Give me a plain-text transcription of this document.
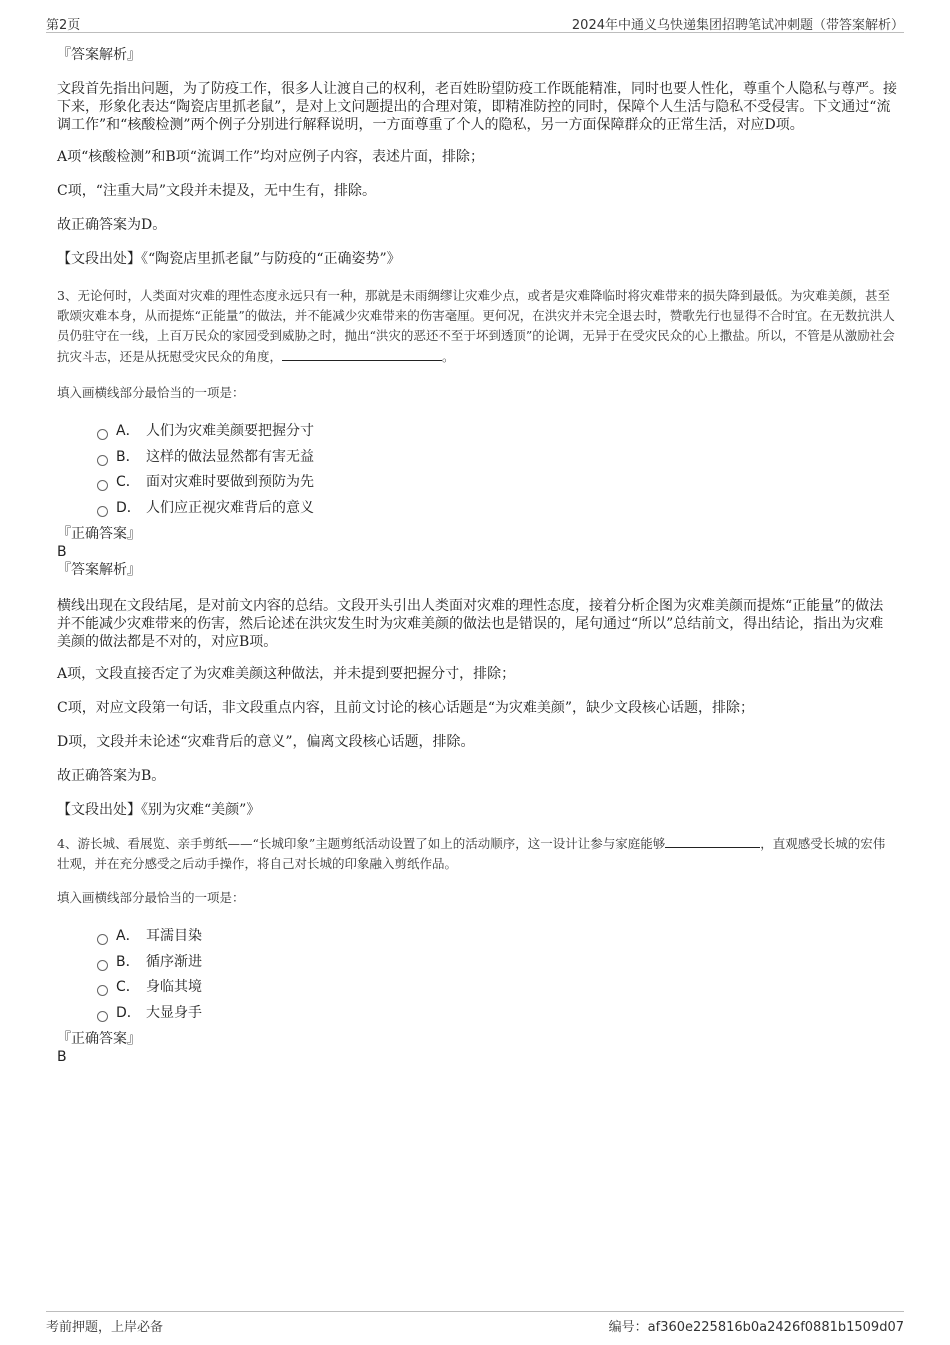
第2页	2024年中通义乌快递集团招聘笔试冲刺题（带答案解析）

『答案解析』

文段首先指出问题，为了防疫工作，很多人让渡自己的权利，老百姓盼望防疫工作既能精准，同时也要人性化，尊重个人隐私与尊严。接下来，形象化表达“陶瓷店里抓老鼠”，是对上文问题提出的合理对策，即精准防控的同时，保障个人生活与隐私不受侵害。下文通过“流调工作”和“核酸检测”两个例子分别进行解释说明，一方面尊重了个人的隐私，另一方面保障群众的正常生活，对应D项。

A项“核酸检测”和B项“流调工作”均对应例子内容，表述片面，排除；

C项，“注重大局”文段并未提及，无中生有，排除。

故正确答案为D。

【文段出处】《“陶瓷店里抓老鼠”与防疫的“正确姿势”》

3、无论何时，人类面对灾难的理性态度永远只有一种，那就是未雨绸缪让灾难少点，或者是灾难降临时将灾难带来的损失降到最低。为灾难美颜，甚至歌颂灾难本身，从而提炼“正能量”的做法，并不能减少灾难带来的伤害毫厘。更何况，在洪灾并未完全退去时，赞歌先行也显得不合时宜。在无数抗洪人员仍驻守在一线，上百万民众的家园受到威胁之时，抛出“洪灾的恶还不至于坏到透顶”的论调，无异于在受灾民众的心上撒盐。所以，不管是从激励社会抗灾斗志，还是从抚慰受灾民众的角度，	。

填入画横线部分最恰当的一项是：

A． 人们为灾难美颜要把握分寸
B． 这样的做法显然都有害无益
C． 面对灾难时要做到预防为先
D． 人们应正视灾难背后的意义

『正确答案』

B

『答案解析』

横线出现在文段结尾，是对前文内容的总结。文段开头引出人类面对灾难的理性态度，接着分析企图为灾难美颜而提炼“正能量”的做法并不能减少灾难带来的伤害，然后论述在洪灾发生时为灾难美颜的做法也是错误的，尾句通过“所以”总结前文，得出结论，指出为灾难美颜的做法都是不对的，对应B项。

A项，文段直接否定了为灾难美颜这种做法，并未提到要把握分寸，排除；

C项，对应文段第一句话，非文段重点内容，且前文讨论的核心话题是“为灾难美颜”，缺少文段核心话题，排除；

D项，文段并未论述“灾难背后的意义”，偏离文段核心话题，排除。

故正确答案为B。

【文段出处】《别为灾难“美颜”》

4、游长城、看展览、亲手剪纸——“长城印象”主题剪纸活动设置了如上的活动顺序，这一设计让参与家庭能够	，直观感受长城的宏伟壮观，并在充分感受之后动手操作，将自己对长城的印象融入剪纸作品。

填入画横线部分最恰当的一项是：

A． 耳濡目染
B． 循序渐进
C． 身临其境
D． 大显身手

『正确答案』

B

考前押题，上岸必备	编号：af360e225816b0a2426f0881b1509d07
